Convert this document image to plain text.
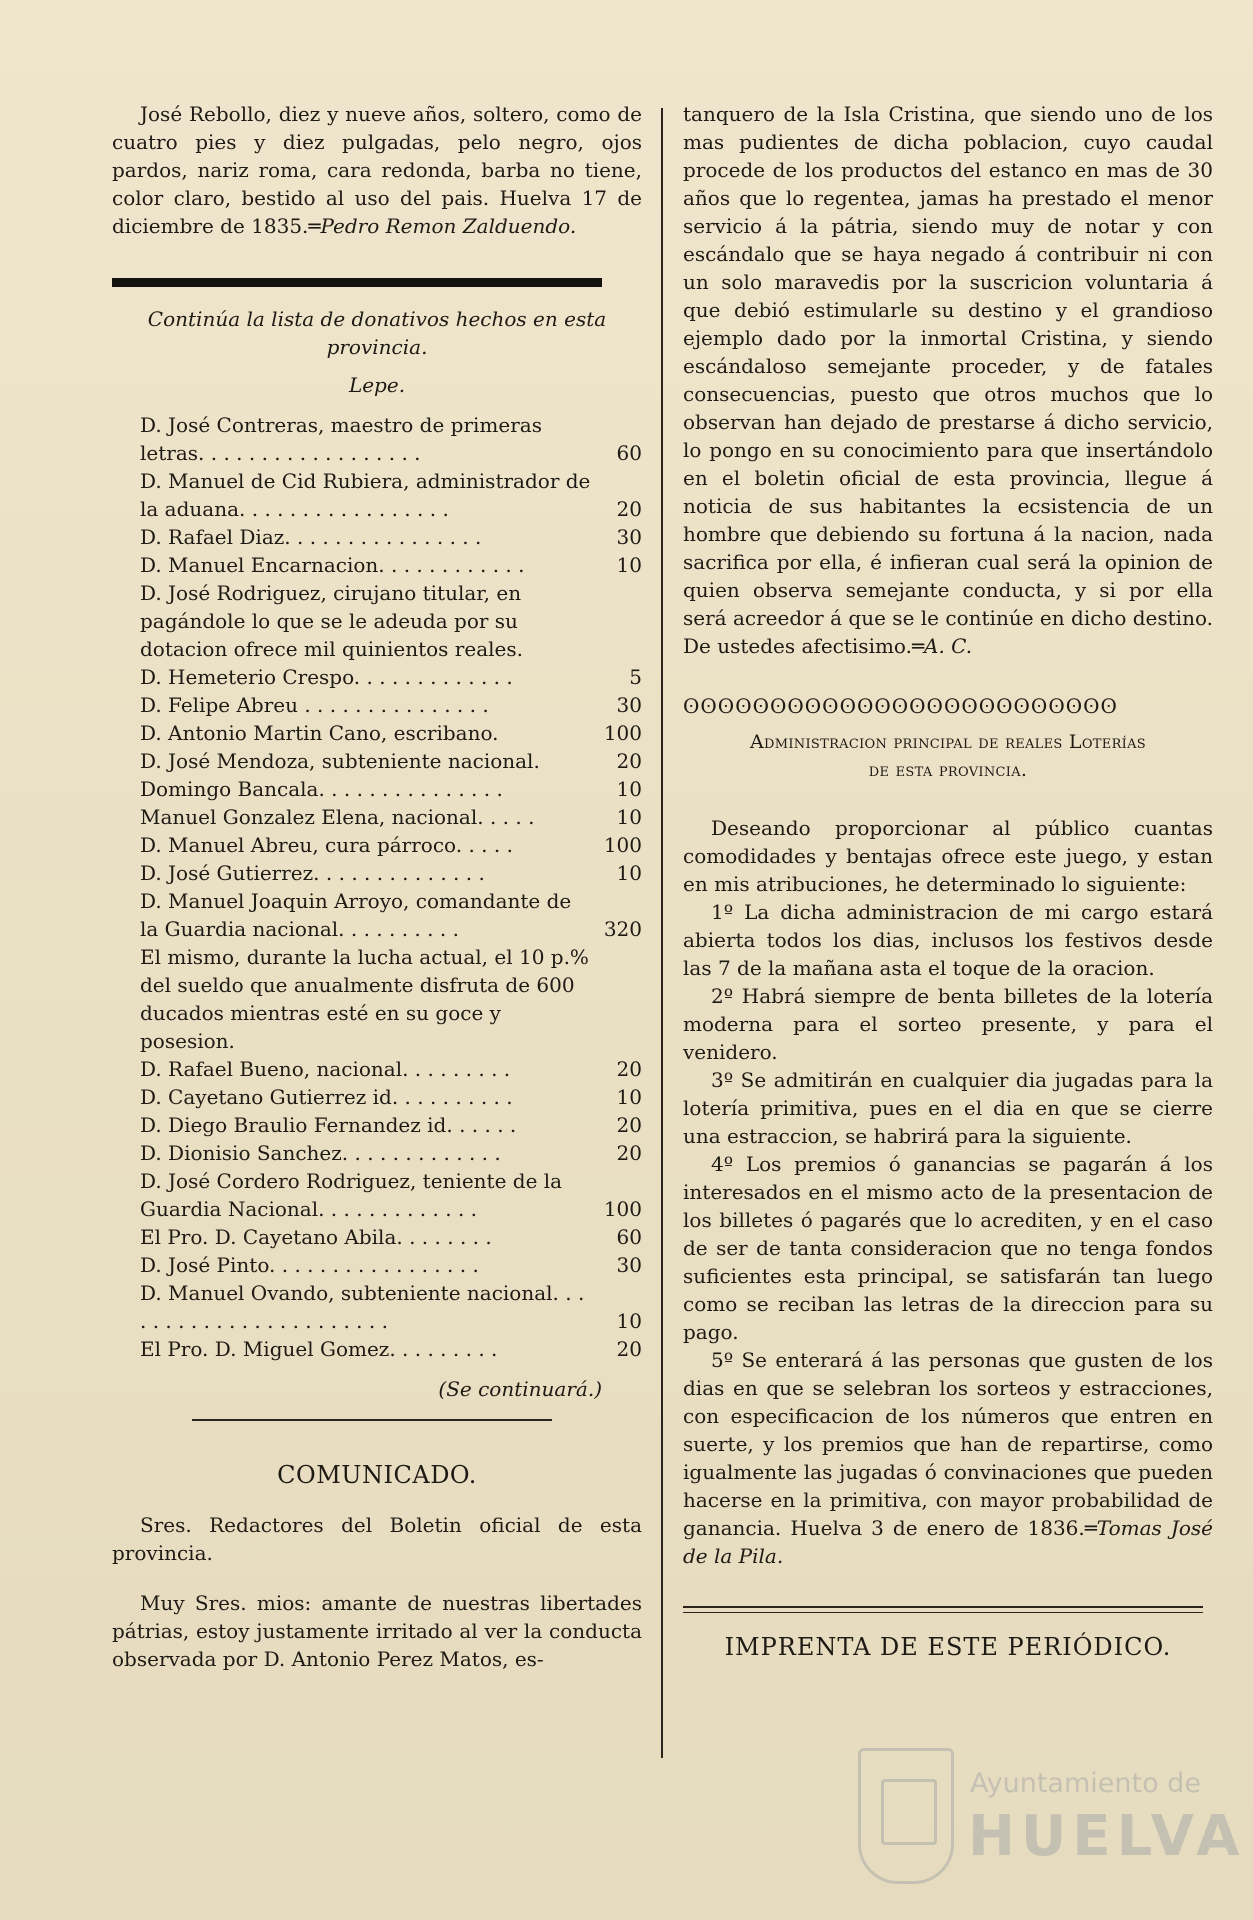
José Rebollo, diez y nueve años, soltero, como de cuatro pies y diez pulgadas, pelo negro, ojos pardos, nariz roma, cara redonda, barba no tiene, color claro, bestido al uso del pais. Huelva 17 de diciembre de 1835.═Pedro Remon Zalduendo.

Continúa la lista de donativos hechos en esta provincia.

Lepe.

D. José Contreras, maestro de primeras letras. . . . . . . . . . . . . . . . . .	60
D. Manuel de Cid Rubiera, administrador de la aduana. . . . . . . . . . . . . . . . .	20
D. Rafael Diaz. . . . . . . . . . . . . . . .	30
D. Manuel Encarnacion. . . . . . . . . . . .	10
D. José Rodriguez, cirujano titular, en pagándole lo que se le adeuda por su dotacion ofrece mil quinientos reales.
D. Hemeterio Crespo. . . . . . . . . . . . .	5
D. Felipe Abreu . . . . . . . . . . . . . . .	30
D. Antonio Martin Cano, escribano.	100
D. José Mendoza, subteniente nacional.	20
Domingo Bancala. . . . . . . . . . . . . . .	10
Manuel Gonzalez Elena, nacional. . . . .	10
D. Manuel Abreu, cura párroco. . . . .	100
D. José Gutierrez. . . . . . . . . . . . . .	10
D. Manuel Joaquin Arroyo, comandante de la Guardia nacional. . . . . . . . . .	320
El mismo, durante la lucha actual, el 10 p.% del sueldo que anualmente disfruta de 600 ducados mientras esté en su goce y posesion.
D. Rafael Bueno, nacional. . . . . . . . .	20
D. Cayetano Gutierrez id. . . . . . . . . .	10
D. Diego Braulio Fernandez id. . . . . .	20
D. Dionisio Sanchez. . . . . . . . . . . . .	20
D. José Cordero Rodriguez, teniente de la Guardia Nacional. . . . . . . . . . . . .	100
El Pro. D. Cayetano Abila. . . . . . . .	60
D. José Pinto. . . . . . . . . . . . . . . . .	30
D. Manuel Ovando, subteniente nacional. . . . . . . . . . . . . . . . . . . . . . .	10
El Pro. D. Miguel Gomez. . . . . . . . .	20

(Se continuará.)

COMUNICADO.

Sres. Redactores del Boletin oficial de esta provincia.

Muy Sres. mios: amante de nuestras libertades pátrias, estoy justamente irritado al ver la conducta observada por D. Antonio Perez Matos, es-

tanquero de la Isla Cristina, que siendo uno de los mas pudientes de dicha poblacion, cuyo caudal procede de los productos del estanco en mas de 30 años que lo regentea, jamas ha prestado el menor servicio á la pátria, siendo muy de notar y con escándalo que se haya negado á contribuir ni con un solo maravedis por la suscricion voluntaria á que debió estimularle su destino y el grandioso ejemplo dado por la inmortal Cristina, y siendo escándaloso semejante proceder, y de fatales consecuencias, puesto que otros muchos que lo observan han dejado de prestarse á dicho servicio, lo pongo en su conocimiento para que insertándolo en el boletin oficial de esta provincia, llegue á noticia de sus habitantes la ecsistencia de un hombre que debiendo su fortuna á la nacion, nada sacrifica por ella, é infieran cual será la opinion de quien observa semejante conducta, y si por ella será acreedor á que se le continúe en dicho destino. De ustedes afectisimo.═A. C.

ʘʘʘʘʘʘʘʘʘʘʘʘʘʘʘʘʘʘʘʘʘʘʘʘʘ

Administracion principal de reales Loterías

de esta provincia.

Deseando proporcionar al público cuantas comodidades y bentajas ofrece este juego, y estan en mis atribuciones, he determinado lo siguiente:

1º La dicha administracion de mi cargo estará abierta todos los dias, inclusos los festivos desde las 7 de la mañana asta el toque de la oracion.

2º Habrá siempre de benta billetes de la lotería moderna para el sorteo presente, y para el venidero.

3º Se admitirán en cualquier dia jugadas para la lotería primitiva, pues en el dia en que se cierre una estraccion, se habrirá para la siguiente.

4º Los premios ó ganancias se pagarán á los interesados en el mismo acto de la presentacion de los billetes ó pagarés que lo acrediten, y en el caso de ser de tanta consideracion que no tenga fondos suficientes esta principal, se satisfarán tan luego como se reciban las letras de la direccion para su pago.

5º Se enterará á las personas que gusten de los dias en que se selebran los sorteos y estracciones, con especificacion de los números que entren en suerte, y los premios que han de repartirse, como igualmente las jugadas ó convinaciones que pueden hacerse en la primitiva, con mayor probabilidad de ganancia. Huelva 3 de enero de 1836.═Tomas José de la Pila.

IMPRENTA DE ESTE PERIÓDICO.

Ayuntamiento de
HUELVA
